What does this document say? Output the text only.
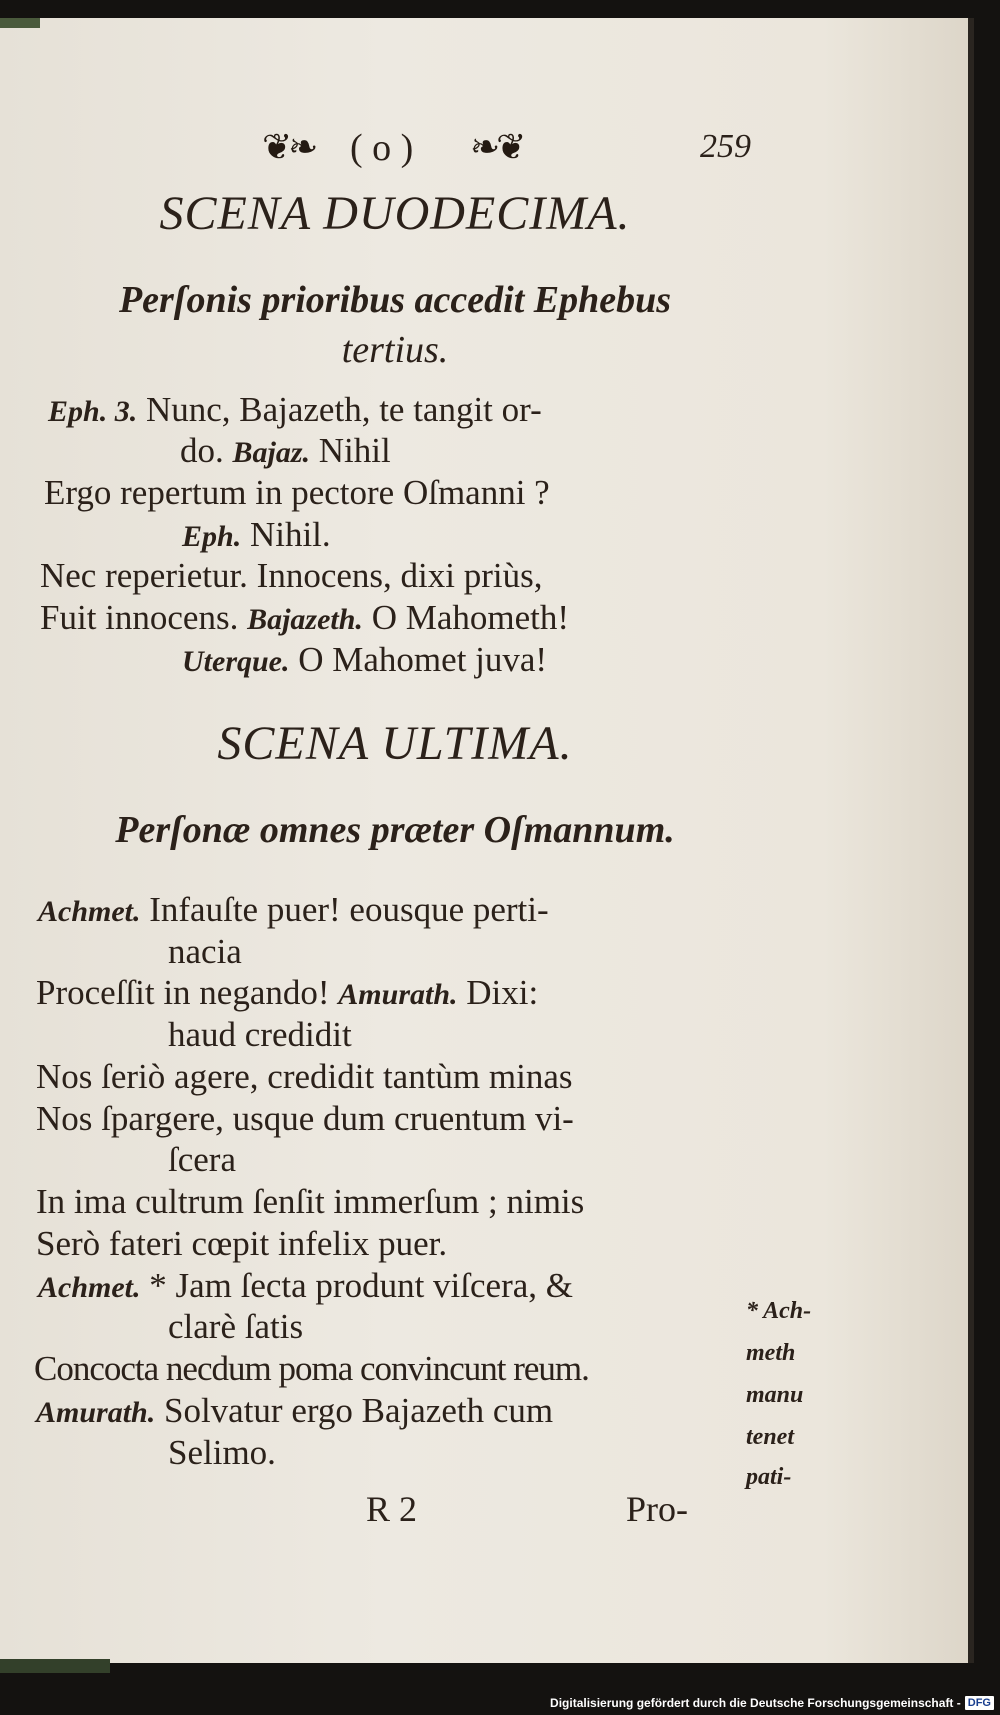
❦❧ ( o ) ❧❦	259
SCENA DUODECIMA.
Perſonis prioribus accedit Ephebus
tertius.
Eph. 3. Nunc, Bajazeth, te tangit or-
do. Bajaz. Nihil
Ergo repertum in pectore Oſmanni ?
Eph. Nihil.
Nec reperietur. Innocens, dixi priùs,
Fuit innocens. Bajazeth. O Mahometh!
Uterque. O Mahomet juva!
SCENA ULTIMA.
Perſonæ omnes præter Oſmannum.
Achmet. Infauſte puer! eousque perti-
nacia
Proceſſit in negando! Amurath. Dixi:
haud credidit
Nos ſeriò agere, credidit tantùm minas
Nos ſpargere, usque dum cruentum vi-
ſcera
In ima cultrum ſenſit immerſum ; nimis
Serò fateri cœpit infelix puer.
Achmet. * Jam ſecta produnt viſcera, &
clarè ſatis
Concocta necdum poma convincunt reum.
Amurath. Solvatur ergo Bajazeth cum
Selimo.
* Ach-
meth
manu
tenet
pati-
R 2	Pro-
Digitalisierung gefördert durch die Deutsche Forschungsgemeinschaft - DFG
